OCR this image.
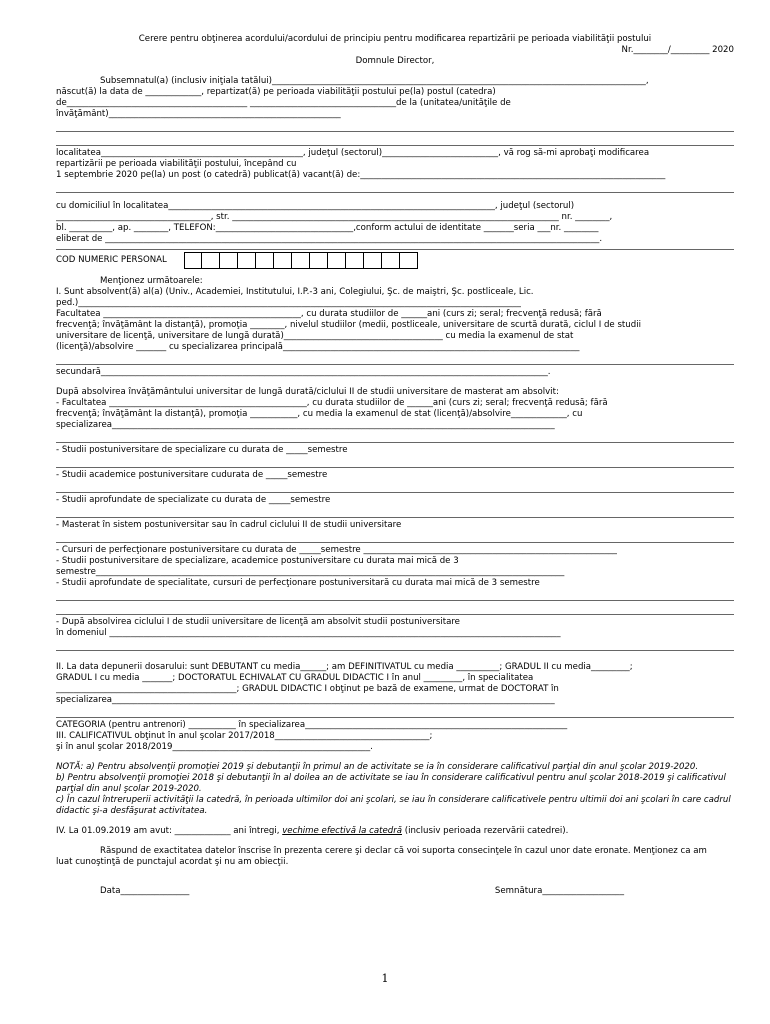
Cerere pentru obţinerea acordului/acordului de principiu pentru modificarea repartizării pe perioada viabilităţii postului

Nr.________/_________ 2020

Domnule Director,

Subsemnatul(a) (inclusiv iniţiala tatălui)_______________________________________________________________________________________,

născut(ă) la data de _____________, repartizat(ă) pe perioada viabilităţii postului pe(la) postul (catedra)

de__________________________________________ __________________________________de la (unitatea/unităţile de

învăţământ)______________________________________________________

localitatea_______________________________________________, judeţul (sectorul)___________________________, vă rog să-mi aprobaţi modificarea

repartizării pe perioada viabilităţii postului, începând cu

1 septembrie 2020 pe(la) un post (o catedră) publicat(ă) vacant(ă) de:_______________________________________________________________________

cu domiciliul în localitatea____________________________________________________________________________, judeţul (sectorul)

____________________________________, str. ____________________________________________________________________________ nr. ________,

bl. __________, ap. ________, TELEFON:________________________________,conform actului de identitate _______seria ___nr. ________

eliberat de ___________________________________________________________________________________________________________________.

COD NUMERIC PERSONAL

Menţionez următoarele:

I. Sunt absolvent(ă) al(a) (Univ., Academiei, Institutului, I.P.-3 ani, Colegiului, Şc. de maiştri, Şc. postliceale, Lic.

ped.)_______________________________________________________________________________________________________

Facultatea ______________________________________________, cu durata studiilor de ______ani (curs zi; seral; frecvenţă redusă; fără

frecvenţă; învăţământ la distanţă), promoţia ________, nivelul studiilor (medii, postliceale, universitare de scurtă durată, ciclul I de studii

universitare de licenţă, universitare de lungă durată)_____________________________________ cu media la examenul de stat

(licenţă)/absolvire _______ cu specializarea principală_____________________________________________________________________

secundară________________________________________________________________________________________________________.

După absolvirea învăţământului universitar de lungă durată/ciclului II de studii universitare de masterat am absolvit:

- Facultatea ______________________________________________, cu durata studiilor de ______ani (curs zi; seral; frecvenţă redusă; fără

frecvenţă; învăţământ la distanţă), promoţia ___________, cu media la examenul de stat (licenţă)/absolvire_____________, cu

specializarea_______________________________________________________________________________________________________

- Studii postuniversitare de specializare cu durata de _____semestre

- Studii academice postuniversitare cudurata de _____semestre

- Studii aprofundate de specializate cu durata de _____semestre

- Masterat în sistem postuniversitar sau în cadrul ciclului II de studii universitare

- Cursuri de perfecţionare postuniversitare cu durata de _____semestre ___________________________________________________________

- Studii postuniversitare de specializare, academice postuniversitare cu durata mai mică de 3

semestre_____________________________________________________________________________________________________________

- Studii aprofundate de specialitate, cursuri de perfecţionare postuniversitară cu durata mai mică de 3 semestre

- După absolvirea ciclului I de studii universitare de licenţă am absolvit studii postuniversitare

în domeniul _________________________________________________________________________________________________________

II. La data depunerii dosarului: sunt DEBUTANT cu media______; am DEFINITIVATUL cu media __________; GRADUL II cu media_________;

GRADUL I cu media _______; DOCTORATUL ECHIVALAT CU GRADUL DIDACTIC I în anul _________, în specialitatea

__________________________________________; GRADUL DIDACTIC I obţinut pe bază de examene, urmat de DOCTORAT în

specializarea_______________________________________________________________________________________________________

CATEGORIA (pentru antrenori) ___________ în specializarea_____________________________________________________________

III. CALIFICATIVUL obţinut în anul şcolar 2017/2018____________________________________;

şi în anul şcolar 2018/2019______________________________________________.

NOTĂ: a) Pentru absolvenţii promoţiei 2019 şi debutanţii în primul an de activitate se ia în considerare calificativul parţial din anul şcolar 2019-2020.

b) Pentru absolvenţii promoţiei 2018 şi debutanţii în al doilea an de activitate se iau în considerare calificativul pentru anul şcolar 2018-2019 şi calificativul parţial din anul şcolar 2019-2020.

c) În cazul întreruperii activităţii la catedră, în perioada ultimilor doi ani şcolari, se iau în considerare calificativele pentru ultimii doi ani şcolari în care cadrul didactic şi-a desfăşurat activitatea.

IV. La 01.09.2019 am avut: _____________ ani întregi, vechime efectivă la catedră (inclusiv perioada rezervării catedrei).

Răspund de exactitatea datelor înscrise în prezenta cerere şi declar că voi suporta consecinţele în cazul unor date eronate. Menţionez ca am

luat cunoştinţă de punctajul acordat şi nu am obiecţii.

Data________________	Semnătura___________________
1
